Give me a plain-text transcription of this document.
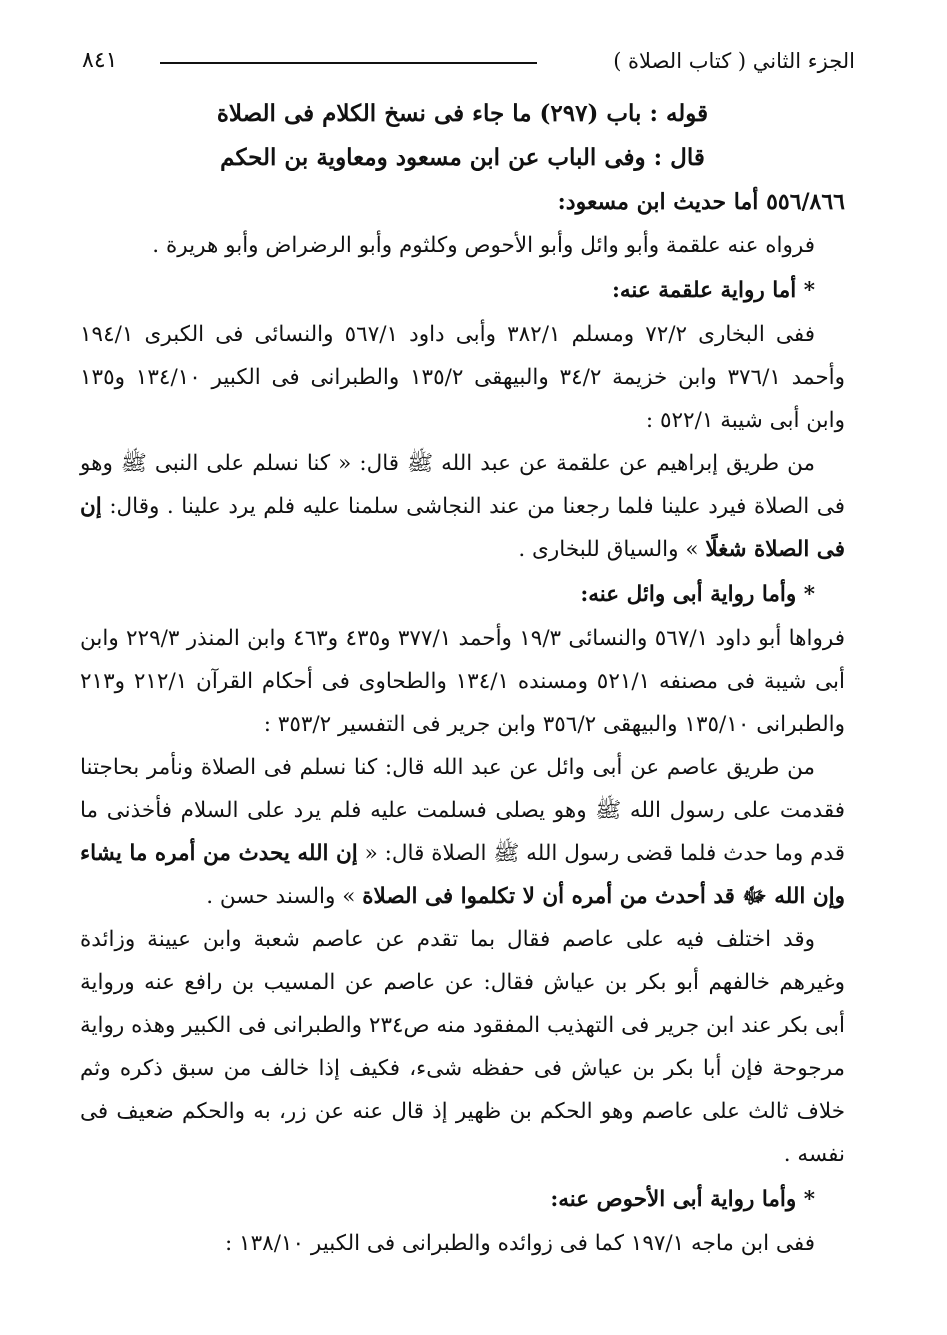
الجزء الثاني ( كتاب الصلاة )
٨٤١

قوله : باب (٢٩٧) ما جاء فى نسخ الكلام فى الصلاة

قال : وفى الباب عن ابن مسعود ومعاوية بن الحكم

٥٥٦/٨٦٦ أما حديث ابن مسعود:

فرواه عنه علقمة وأبو وائل وأبو الأحوص وكلثوم وأبو الرضراض وأبو هريرة .

* أما رواية علقمة عنه:

ففى البخارى ٧٢/٢ ومسلم ٣٨٢/١ وأبى داود ٥٦٧/١ والنسائى فى الكبرى ١٩٤/١ وأحمد ٣٧٦/١ وابن خزيمة ٣٤/٢ والبيهقى ١٣٥/٢ والطبرانى فى الكبير ١٣٤/١٠ و١٣٥ وابن أبى شيبة ٥٢٢/١ :

من طريق إبراهيم عن علقمة عن عبد الله ﷺ قال: « كنا نسلم على النبى ﷺ وهو فى الصلاة فيرد علينا فلما رجعنا من عند النجاشى سلمنا عليه فلم يرد علينا . وقال: إن فى الصلاة شغلًا » والسياق للبخارى .

* وأما رواية أبى وائل عنه:

فرواها أبو داود ٥٦٧/١ والنسائى ١٩/٣ وأحمد ٣٧٧/١ و٤٣٥ و٤٦٣ وابن المنذر ٢٢٩/٣ وابن أبى شيبة فى مصنفه ٥٢١/١ ومسنده ١٣٤/١ والطحاوى فى أحكام القرآن ٢١٢/١ و٢١٣ والطبرانى ١٣٥/١٠ والبيهقى ٣٥٦/٢ وابن جرير فى التفسير ٣٥٣/٢ :

من طريق عاصم عن أبى وائل عن عبد الله قال: كنا نسلم فى الصلاة ونأمر بحاجتنا فقدمت على رسول الله ﷺ وهو يصلى فسلمت عليه فلم يرد على السلام فأخذنى ما قدم وما حدث فلما قضى رسول الله ﷺ الصلاة قال: « إن الله يحدث من أمره ما يشاء وإن الله ﷻ قد أحدث من أمره أن لا تكلموا فى الصلاة » والسند حسن .

وقد اختلف فيه على عاصم فقال بما تقدم عن عاصم شعبة وابن عيينة وزائدة وغيرهم خالفهم أبو بكر بن عياش فقال: عن عاصم عن المسيب بن رافع عنه ورواية أبى بكر عند ابن جرير فى التهذيب المفقود منه ص٢٣٤ والطبرانى فى الكبير وهذه رواية مرجوحة فإن أبا بكر بن عياش فى حفظه شىء، فكيف إذا خالف من سبق ذكره وثم خلاف ثالث على عاصم وهو الحكم بن ظهير إذ قال عنه عن زر، به والحكم ضعيف فى نفسه .

* وأما رواية أبى الأحوص عنه:

ففى ابن ماجه ١٩٧/١ كما فى زوائده والطبرانى فى الكبير ١٣٨/١٠ :
